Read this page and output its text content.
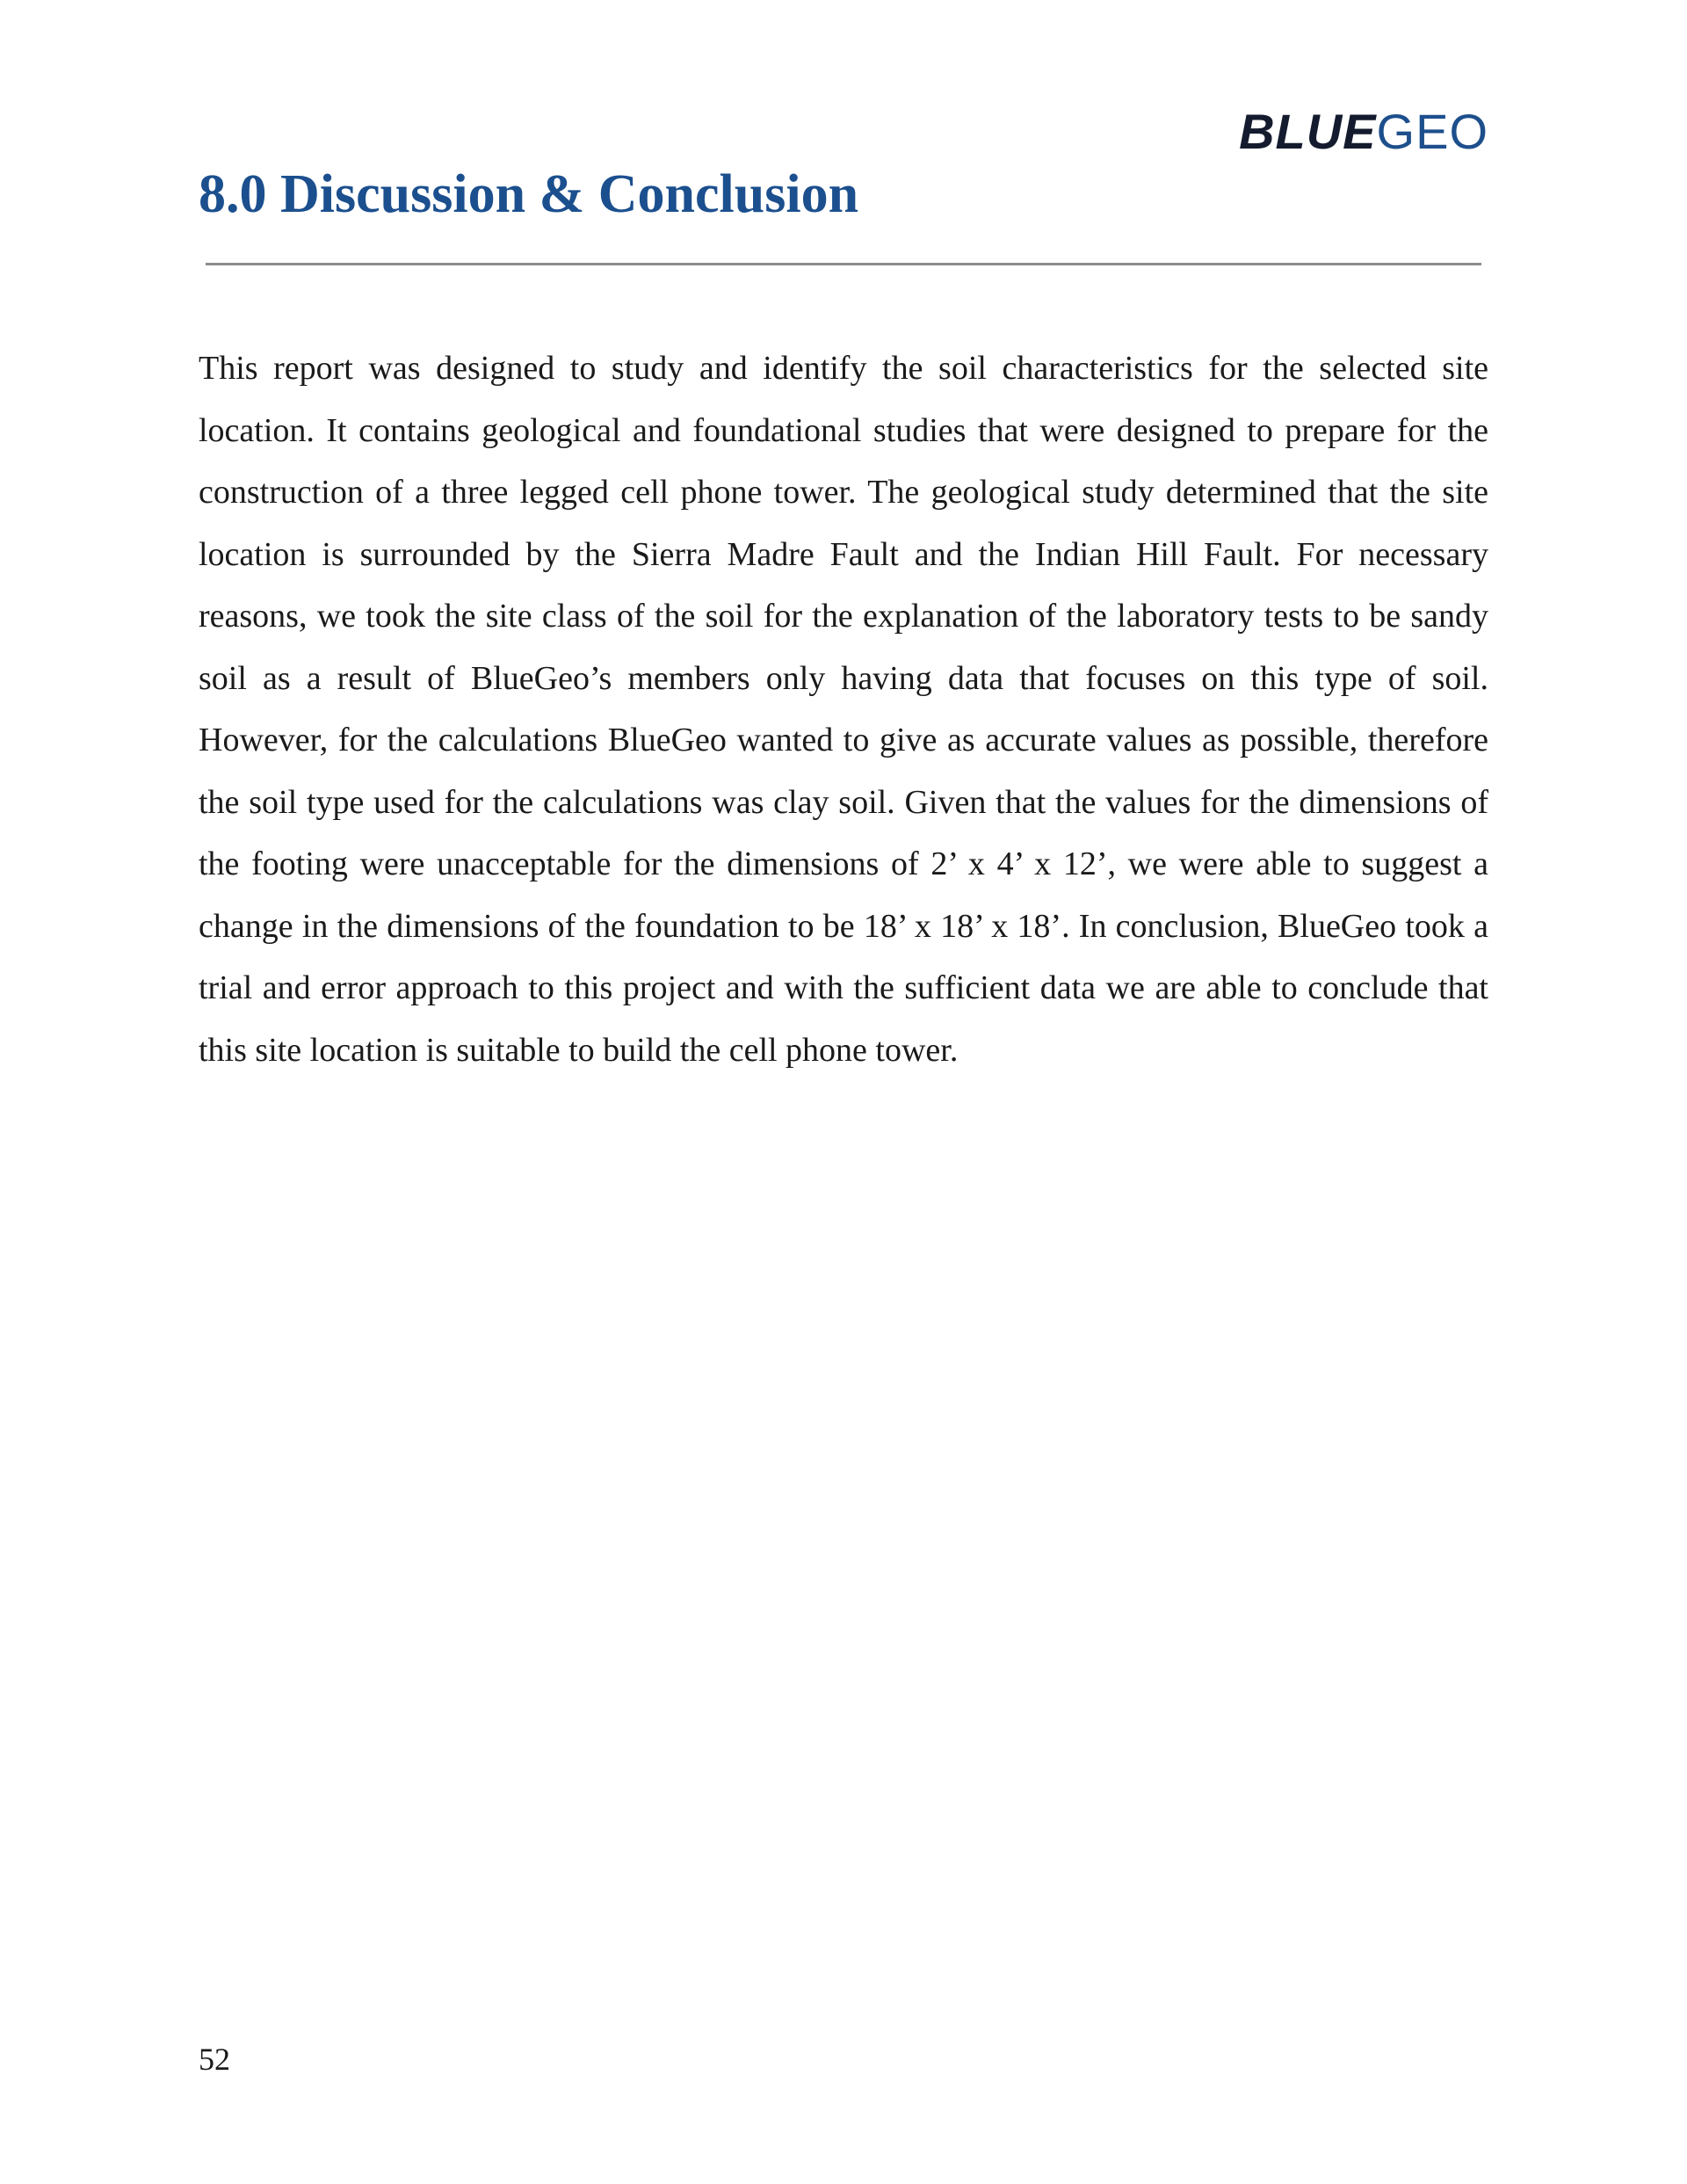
BLUEGEO
8.0 Discussion & Conclusion

This report was designed to study and identify the soil characteristics for the selected site location. It contains geological and foundational studies that were designed to prepare for the construction of a three legged cell phone tower. The geological study determined that the site location is surrounded by the Sierra Madre Fault and the Indian Hill Fault. For necessary reasons, we took the site class of the soil for the explanation of the laboratory tests to be sandy soil as a result of BlueGeo’s members only having data that focuses on this type of soil. However, for the calculations BlueGeo wanted to give as accurate values as possible, therefore the soil type used for the calculations was clay soil. Given that the values for the dimensions of the footing were unacceptable for the dimensions of 2’ x 4’ x 12’, we were able to suggest a change in the dimensions of the foundation to be 18’ x 18’ x 18’. In conclusion, BlueGeo took a trial and error approach to this project and with the sufficient data we are able to conclude that this site location is suitable to build the cell phone tower.

52
